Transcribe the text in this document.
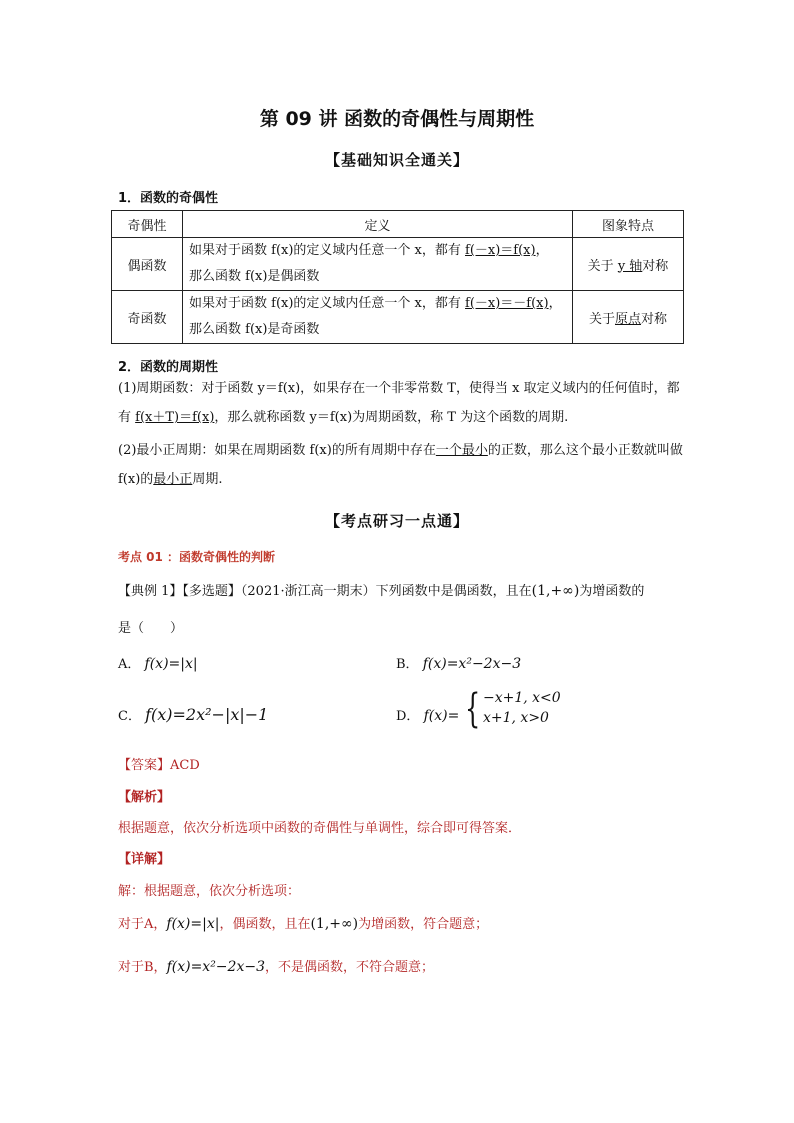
第 09 讲 函数的奇偶性与周期性
【基础知识全通关】
1．函数的奇偶性
奇偶性	定义	图象特点
偶函数	如果对于函数 f(x)的定义域内任意一个 x，都有 f(－x)＝f(x)，
那么函数 f(x)是偶函数	关于 y 轴对称
奇函数	如果对于函数 f(x)的定义域内任意一个 x，都有 f(－x)＝－f(x)，
那么函数 f(x)是奇函数	关于原点对称
2．函数的周期性
(1)周期函数：对于函数 y＝f(x)，如果存在一个非零常数 T，使得当 x 取定义域内的任何值时，都有 f(x＋T)＝f(x)，那么就称函数 y＝f(x)为周期函数，称 T 为这个函数的周期.
(2)最小正周期：如果在周期函数 f(x)的所有周期中存在一个最小的正数，那么这个最小正数就叫做 f(x)的最小正周期.
【考点研习一点通】
考点 01 ：函数奇偶性的判断
【典例 1】【多选题】（2021·浙江高一期末）下列函数中是偶函数，且在(1,+∞)为增函数的
是（　　）
A． f(x)=|x|	B． f(x)=x²−2x−3
C． f(x)=2x²−|x|−1	D． f(x)= { −x+1, x<0
x+1, x>0
【答案】ACD
【解析】
根据题意，依次分析选项中函数的奇偶性与单调性，综合即可得答案．
【详解】
解：根据题意，依次分析选项：
对于A，f(x)=|x|，偶函数，且在(1,+∞)为增函数，符合题意；
对于B，f(x)=x²−2x−3，不是偶函数，不符合题意；
